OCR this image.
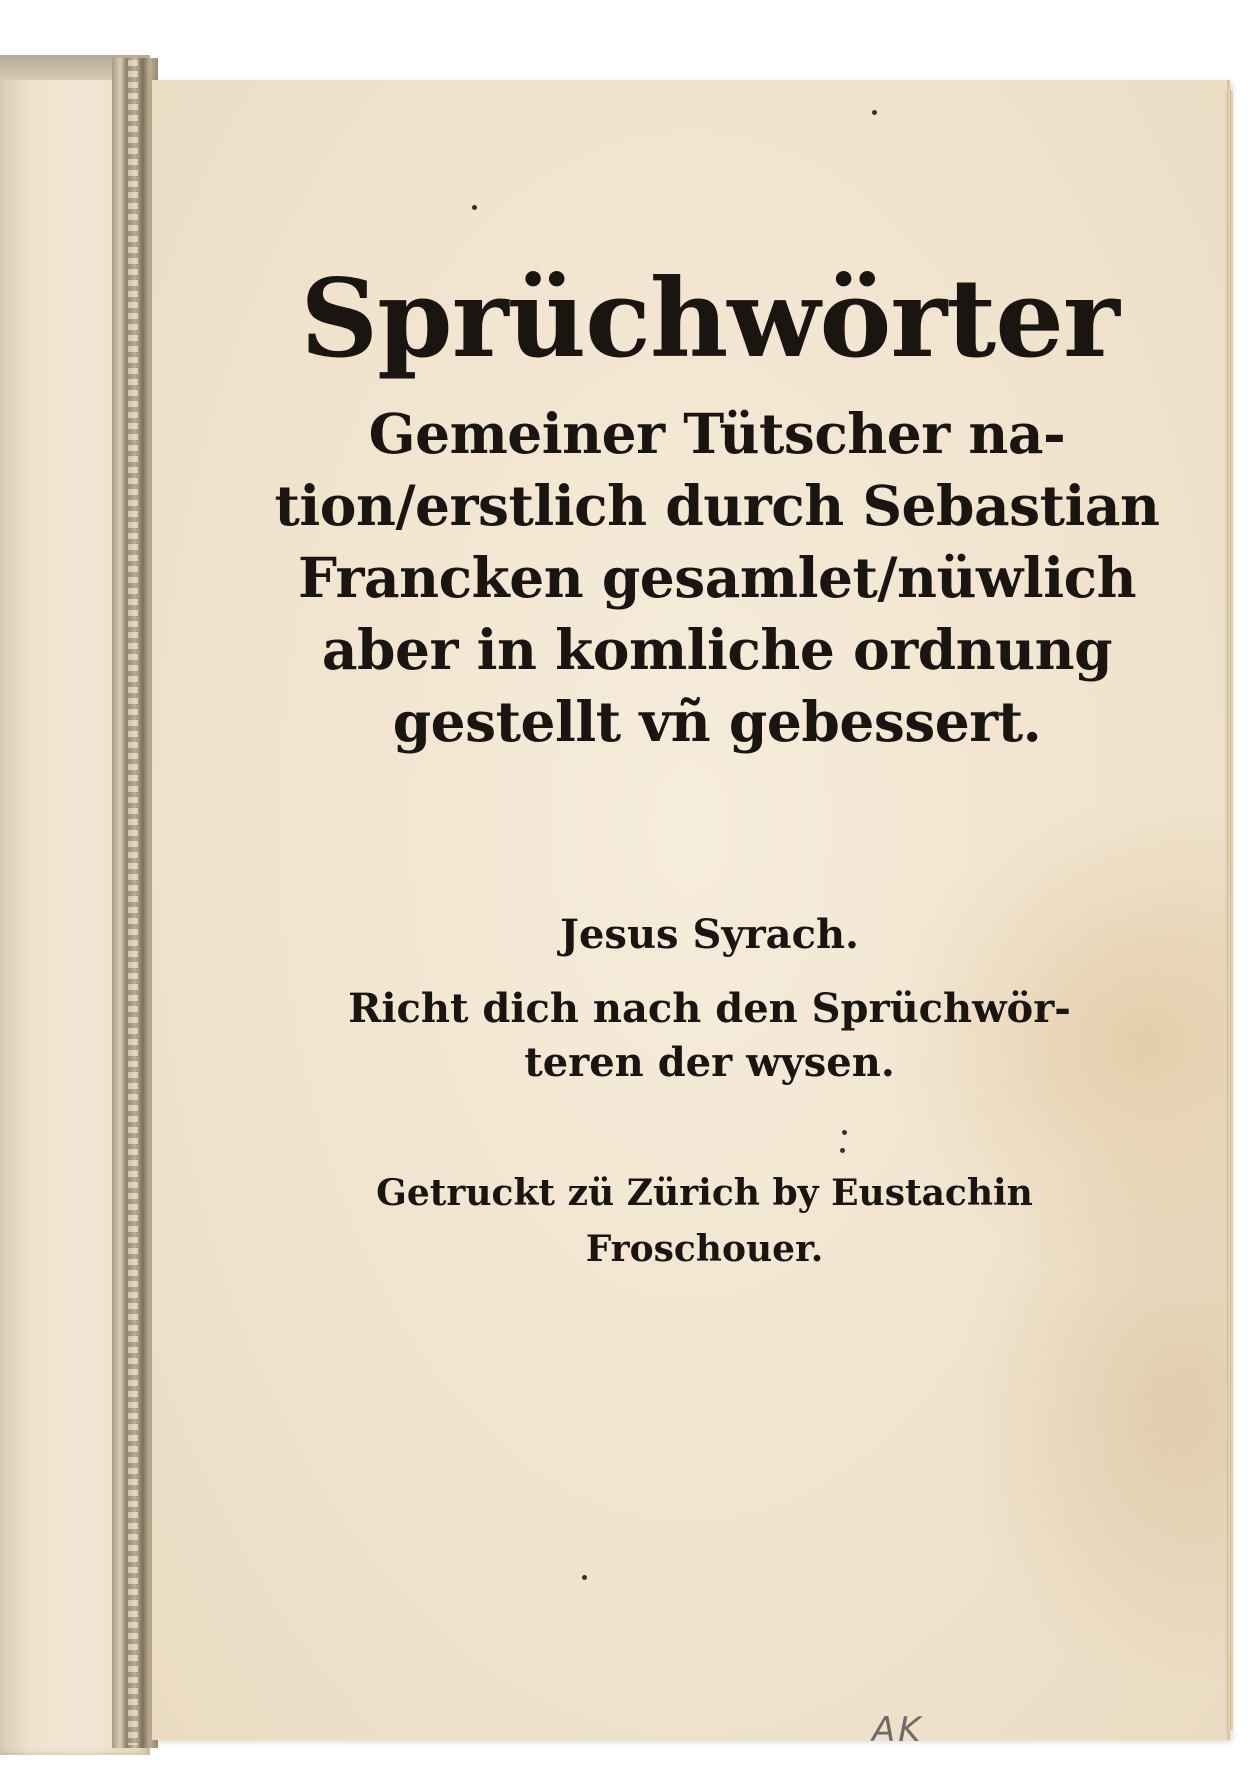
Sprüchwörter
Gemeiner Tütscher na-
tion/erstlich durch Sebastian
Francken gesamlet/nüwlich
aber in komliche ordnung
gestellt vñ gebessert.
Jesus Syrach.
Richt dich nach den Sprüchwör-
teren der wysen.
Getruckt zü Zürich by Eustachin
Froschouer.
AK
